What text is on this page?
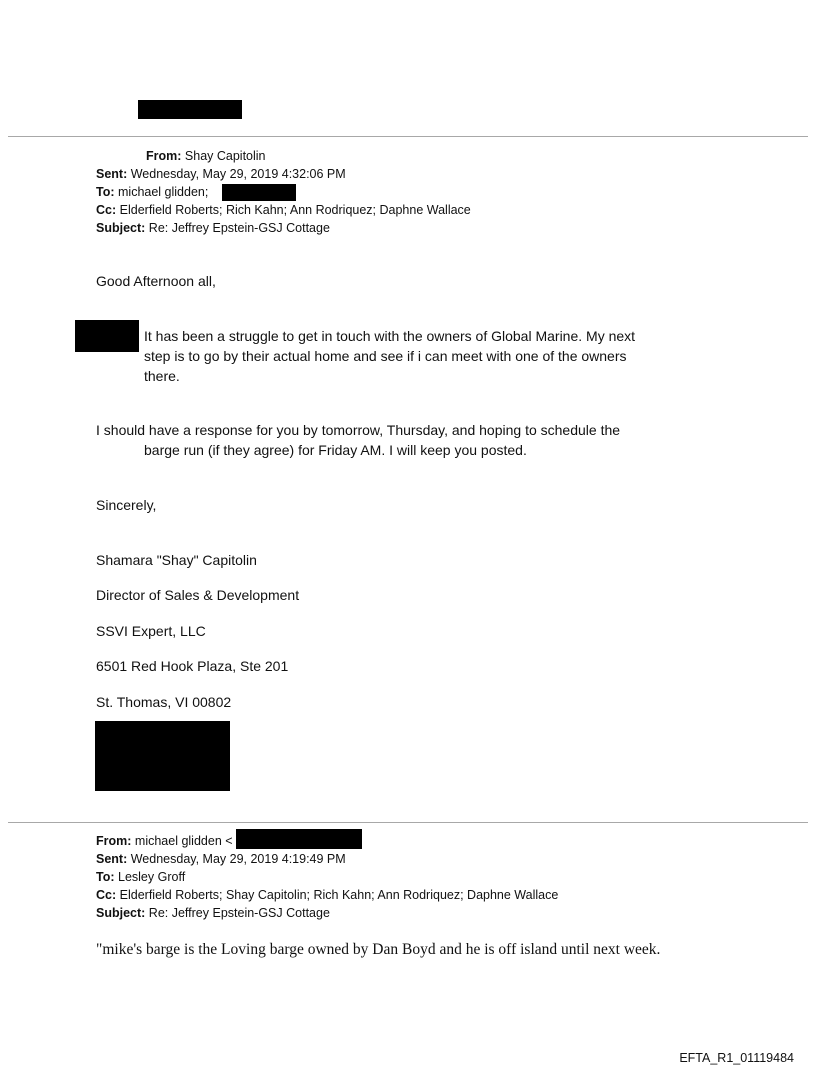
From: Shay Capitolin
Sent: Wednesday, May 29, 2019 4:32:06 PM
To: michael glidden;
Cc: Elderfield Roberts; Rich Kahn; Ann Rodriquez; Daphne Wallace
Subject: Re: Jeffrey Epstein-GSJ Cottage
Good Afternoon all,
It has been a struggle to get in touch with the owners of Global Marine. My next
step is to go by their actual home and see if i can meet with one of the owners
there.
I should have a response for you by tomorrow, Thursday, and hoping to schedule the
barge run (if they agree) for Friday AM. I will keep you posted.
Sincerely,
Shamara "Shay" Capitolin
Director of Sales & Development
SSVI Expert, LLC
6501 Red Hook Plaza, Ste 201
St. Thomas, VI 00802
From: michael glidden <
Sent: Wednesday, May 29, 2019 4:19:49 PM
To: Lesley Groff
Cc: Elderfield Roberts; Shay Capitolin; Rich Kahn; Ann Rodriquez; Daphne Wallace
Subject: Re: Jeffrey Epstein-GSJ Cottage
"mike's barge is the Loving barge owned by Dan Boyd and he is off island until next week.
EFTA_R1_01119484
